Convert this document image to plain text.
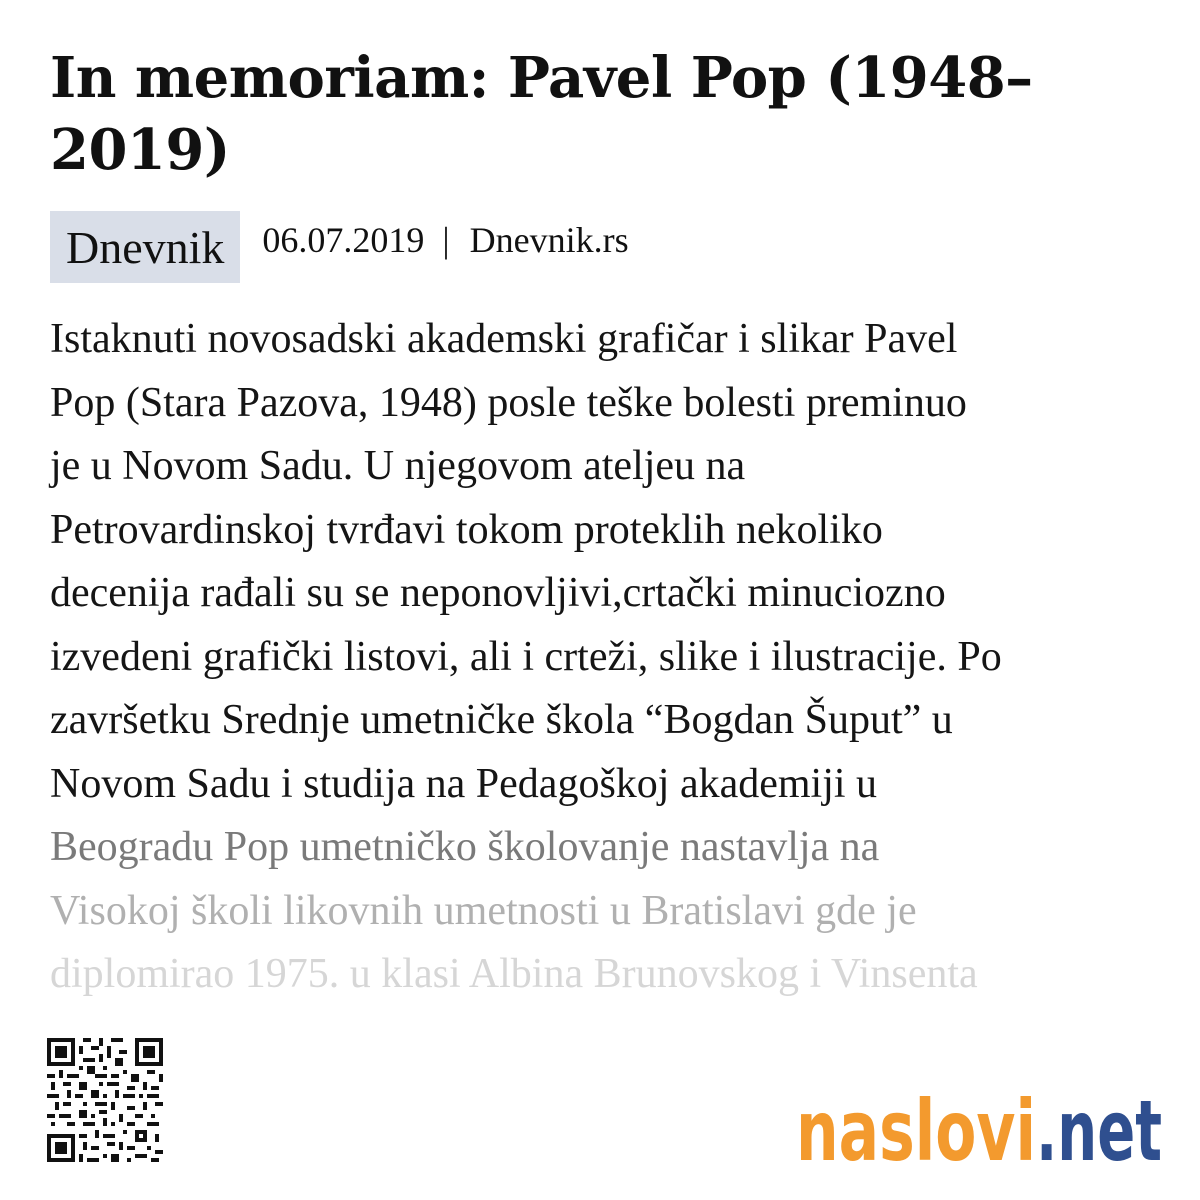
In memoriam: Pavel Pop (1948–2019)
Dnevnik	06.07.2019 | Dnevnik.rs

Istaknuti novosadski akademski grafičar i slikar Pavel
Pop (Stara Pazova, 1948) posle teške bolesti preminuo
je u Novom Sadu. U njegovom ateljeu na
Petrovardinskoj tvrđavi tokom proteklih nekoliko
decenija rađali su se neponovljivi,crtački minuciozno
izvedeni grafički listovi, ali i crteži, slike i ilustracije. Po
završetku Srednje umetničke škola “Bogdan Šuput” u
Novom Sadu i studija na Pedagoškoj akademiji u
Beogradu Pop umetničko školovanje nastavlja na
Visokoj školi likovnih umetnosti u Bratislavi gde je
diplomirao 1975. u klasi Albina Brunovskog i Vinsenta

naslovi .net
